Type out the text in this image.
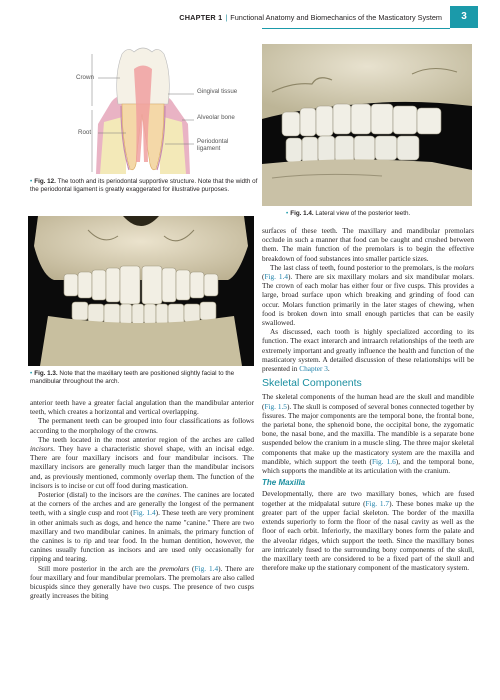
CHAPTER 1 | Functional Anatomy and Biomechanics of the Masticatory System	3
Crown
Root
Gingival tissue
Alveolar bone
Periodontal ligament
• Fig. 12. The tooth and its periodontal supportive structure. Note that the width of the periodontal ligament is greatly exaggerated for illustrative purposes.
• Fig. 1.4. Lateral view of the posterior teeth.
• Fig. 1.3. Note that the maxillary teeth are positioned slightly facial to the mandibular throughout the arch.

anterior teeth have a greater facial angulation than the mandibular anterior teeth, which creates a horizontal and vertical overlapping.

The permanent teeth can be grouped into four classifications as follows according to the morphology of the crowns.

The teeth located in the most anterior region of the arches are called incisors. They have a characteristic shovel shape, with an incisal edge. There are four maxillary incisors and four mandibular incisors. The maxillary incisors are generally much larger than the mandibular incisors and, as previously mentioned, commonly overlap them. The function of the incisors is to incise or cut off food during mastication.

Posterior (distal) to the incisors are the canines. The canines are located at the corners of the arches and are generally the longest of the permanent teeth, with a single cusp and root (Fig. 1.4). These teeth are very prominent in other animals such as dogs, and hence the name "canine." There are two maxillary and two mandibular canines. In animals, the primary function of the canines is to rip and tear food. In the human dentition, however, the canines usually function as incisors and are used only occasionally for ripping and tearing.

Still more posterior in the arch are the premolars (Fig. 1.4). There are four maxillary and four mandibular premolars. The premolars are also called bicuspids since they generally have two cusps. The presence of two cusps greatly increases the biting

surfaces of these teeth. The maxillary and mandibular premolars occlude in such a manner that food can be caught and crushed between them. The main function of the premolars is to begin the effective breakdown of food substances into smaller particle sizes.

The last class of teeth, found posterior to the premolars, is the molars (Fig. 1.4). There are six maxillary molars and six mandibular molars. The crown of each molar has either four or five cusps. This provides a large, broad surface upon which breaking and grinding of food can occur. Molars function primarily in the later stages of chewing, when food is broken down into small enough particles that can be easily swallowed.

As discussed, each tooth is highly specialized according to its function. The exact interarch and intraarch relationships of the teeth are extremely important and greatly influence the health and function of the masticatory system. A detailed discussion of these relationships will be presented in Chapter 3.

Skeletal Components

The skeletal components of the human head are the skull and mandible (Fig. 1.5). The skull is composed of several bones connected together by fissures. The major components are the temporal bone, the frontal bone, the parietal bone, the sphenoid bone, the occipital bone, the zygomatic bone, the nasal bone, and the maxilla. The mandible is a separate bone suspended below the cranium in a muscle sling. The three major skeletal components that make up the masticatory system are the maxilla and mandible, which support the teeth (Fig. 1.6), and the temporal bone, which supports the mandible at its articulation with the cranium.

The Maxilla

Developmentally, there are two maxillary bones, which are fused together at the midpalatal suture (Fig. 1.7). These bones make up the greater part of the upper facial skeleton. The border of the maxilla extends superiorly to form the floor of the nasal cavity as well as the floor of each orbit. Inferiorly, the maxillary bones form the palate and the alveolar ridges, which support the teeth. Since the maxillary bones are intricately fused to the surrounding bony components of the skull, the maxillary teeth are considered to be a fixed part of the skull and therefore make up the stationary component of the masticatory system.
